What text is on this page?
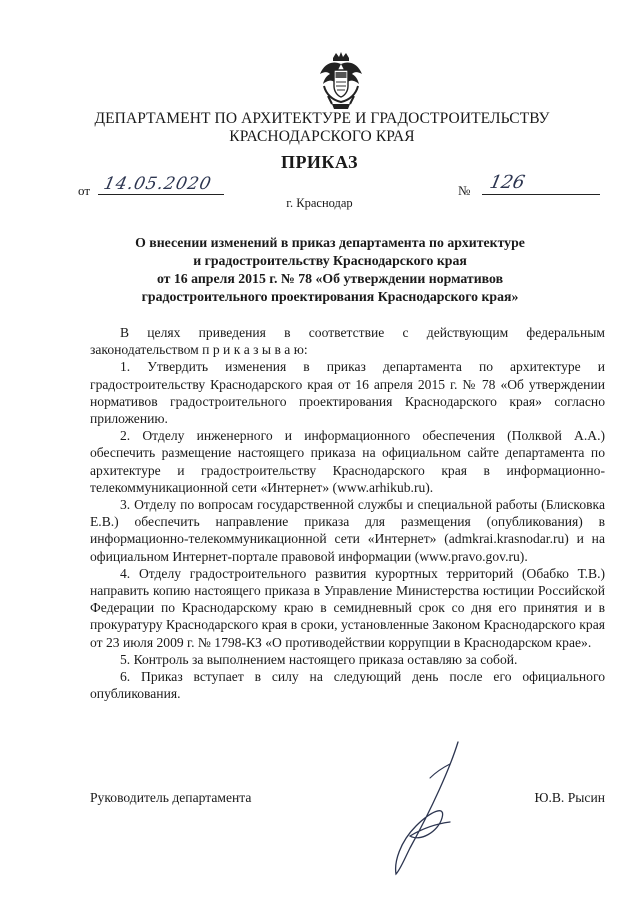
ДЕПАРТАМЕНТ ПО АРХИТЕКТУРЕ И ГРАДОСТРОИТЕЛЬСТВУ
КРАСНОДАРСКОГО КРАЯ
ПРИКАЗ
от 14.05.2020	№ 126
г. Краснодар
О внесении изменений в приказ департамента по архитектуре
и градостроительству Краснодарского края
от 16 апреля 2015 г. № 78 «Об утверждении нормативов
градостроительного проектирования Краснодарского края»

В целях приведения в соответствие с действующим федеральным законодательством п р и к а з ы в а ю:

1. Утвердить изменения в приказ департамента по архитектуре и градостроительству Краснодарского края от 16 апреля 2015 г. № 78 «Об утверждении нормативов градостроительного проектирования Краснодарского края» согласно приложению.

2. Отделу инженерного и информационного обеспечения (Полквой А.А.) обеспечить размещение настоящего приказа на официальном сайте департамента по архитектуре и градостроительству Краснодарского края в информационно-телекоммуникационной сети «Интернет» (www.arhikub.ru).

3. Отделу по вопросам государственной службы и специальной работы (Блисковка Е.В.) обеспечить направление приказа для размещения (опубликования) в информационно-телекоммуникационной сети «Интернет» (admkrai.krasnodar.ru) и на официальном Интернет-портале правовой информации (www.pravo.gov.ru).

4. Отделу градостроительного развития курортных территорий (Обабко Т.В.) направить копию настоящего приказа в Управление Министерства юстиции Российской Федерации по Краснодарскому краю в семидневный срок со дня его принятия и в прокуратуру Краснодарского края в сроки, установленные Законом Краснодарского края от 23 июля 2009 г. № 1798-КЗ «О противодействии коррупции в Краснодарском крае».

5. Контроль за выполнением настоящего приказа оставляю за собой.

6. Приказ вступает в силу на следующий день после его официального опубликования.

Руководитель департамента	Ю.В. Рысин
